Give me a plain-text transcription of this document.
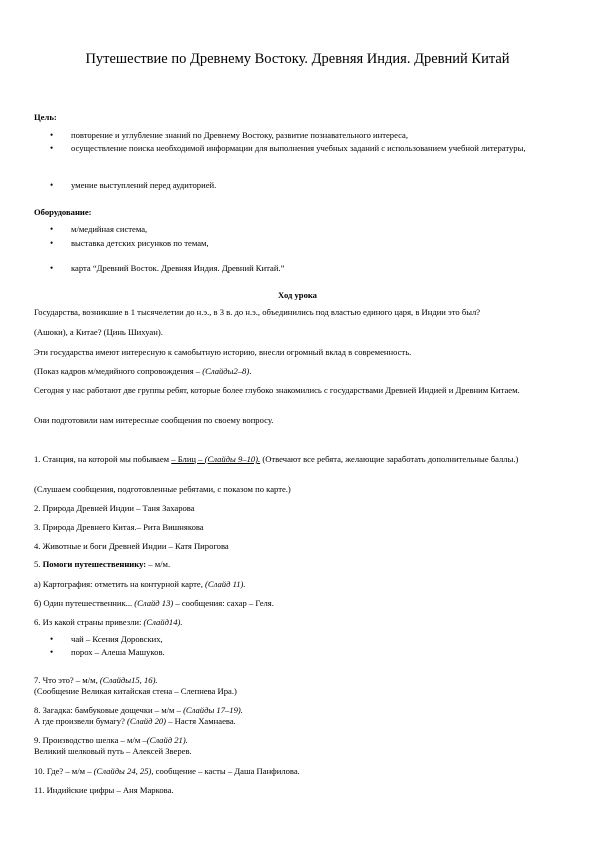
Путешествие по Древнему Востоку. Древняя Индия. Древний Китай
Цель:
• повторение и углубление знаний по Древнему Востоку, развитие познавательного интереса,
• осуществление поиска необходимой информации для выполнения учебных заданий с использованием учебной литературы,
• умение выступлений перед аудиторией.
Оборудование:
• м/медийная система,
• выставка детских рисунков по темам,
• карта “Древний Восток. Древняя Индия. Древний Китай.”
Ход урока
Государства, возникшие в 1 тысячелетии до н.э., в 3 в. до н.э., объединились под властью единого царя, в Индии это был?
(Ашоки), а Китае? (Цинь Шихуан).
Эти государства имеют интересную к самобытную историю, внесли огромный вклад в современность.
(Показ кадров м/медийного сопровождения – (Слайды2–8).
Сегодня у нас работают две группы ребят, которые более глубоко знакомились с государствами Древней Индией и Древним Китаем.
Они подготовили нам интересные сообщения по своему вопросу.
1. Станция, на которой мы побываем – Блиц – (Слайды 9–10). (Отвечают все ребята, желающие заработать дополнительные баллы.)
(Слушаем сообщения, подготовленные ребятами, с показом по карте.)
2. Природа Древней Индии – Таня Захарова
3. Природа Древнего Китая.– Рита Вишнякова
4. Животные и боги Древней Индии – Катя Пирогова
5. Помоги путешественнику: – м/м.
а) Картография: отметить на контурной карте, (Слайд 11).
б) Один путешественник... (Слайд 13) – сообщения: сахар – Геля.
6. Из какой страны привезли: (Слайд14).
• чай – Ксения Доровских,
• порох – Алеша Машуков.
7. Что это? – м/м, (Слайды15, 16).
(Сообщение Великая китайская стена – Слепнева Ира.)
8. Загадка: бамбуковые дощечки – м/м – (Слайды 17–19).
А где произвели бумагу? (Слайд 20) – Настя Хамнаева.
9. Производство шелка – м/м –(Слайд 21).
Великий шелковый путь – Алексей Зверев.
10. Где? – м/м – (Слайды 24, 25), сообщение – касты – Даша Панфилова.
11. Индийские цифры – Аня Маркова.
